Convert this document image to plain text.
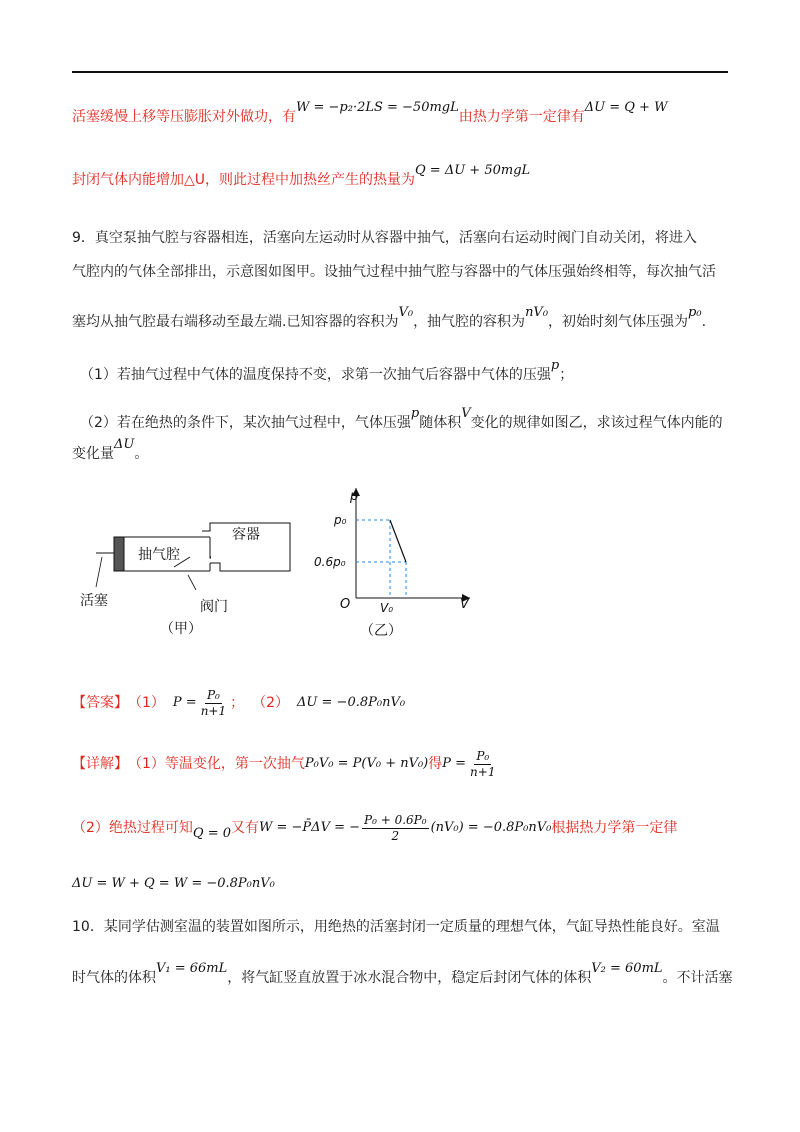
活塞缓慢上移等压膨胀对外做功，有W = −p₂·2LS = −50mgL由热力学第一定律有ΔU = Q + W
封闭气体内能增加△U，则此过程中加热丝产生的热量为Q = ΔU + 50mgL
9．真空泵抽气腔与容器相连，活塞向左运动时从容器中抽气，活塞向右运动时阀门自动关闭，将进入
气腔内的气体全部排出，示意图如图甲。设抽气过程中抽气腔与容器中的气体压强始终相等，每次抽气活
塞均从抽气腔最右端移动至最左端.已知容器的容积为V₀，抽气腔的容积为nV₀，初始时刻气体压强为p₀.
（1）若抽气过程中气体的温度保持不变，求第一次抽气后容器中气体的压强p；
（2）若在绝热的条件下，某次抽气过程中，气体压强p随体积V变化的规律如图乙，求该过程气体内能的
变化量ΔU。
容器
抽气腔
活塞	阀门
（甲）
p
V
O
p₀
0.6p₀
V₀
（乙）
【答案】 （1） $P = \frac{\text{P₀}}{n+1}$ ； （2） ΔU = −0.8P₀nV₀
【详解】 （1）等温变化，第一次抽气 P₀V₀ = P(V₀ + nV₀) 得 $P = \frac{\text{P₀}}{n+1}$
（2）绝热过程可知 Q = 0 又有 W = −P̄ΔV = − $\frac{\text{P₀ + 0.6P₀}}{2} (nV_0) = -0.8P_0nV_0$ 根据热力学第一定律
ΔU = W + Q = W = −0.8P₀nV₀
10．某同学估测室温的装置如图所示，用绝热的活塞封闭一定质量的理想气体，气缸导热性能良好。室温
时气体的体积V₁ = 66mL，将气缸竖直放置于冰水混合物中，稳定后封闭气体的体积V₂ = 60mL。不计活塞
